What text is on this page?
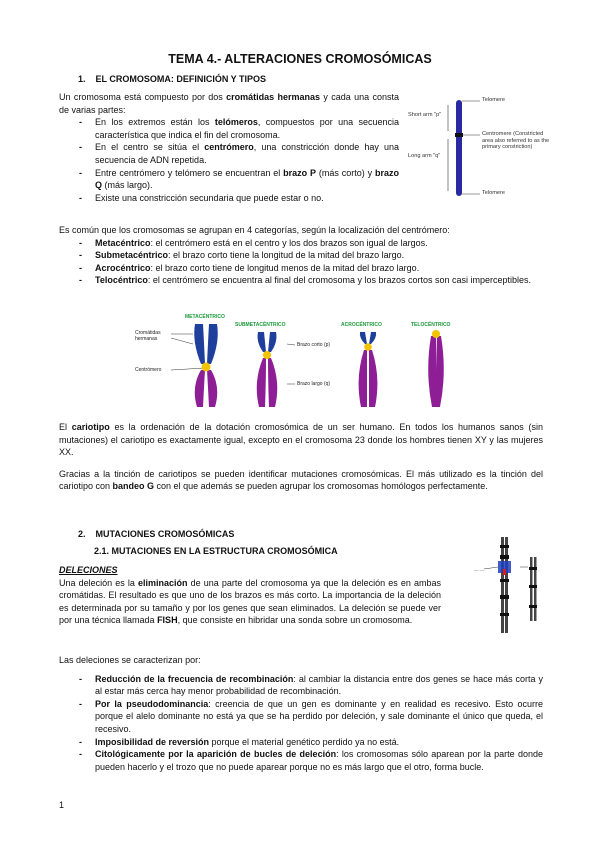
TEMA 4.- ALTERACIONES CROMOSÓMICAS
1. EL CROMOSOMA: DEFINICIÓN Y TIPOS
Un cromosoma está compuesto por dos cromátidas hermanas y cada una consta de varias partes:
- En los extremos están los telómeros, compuestos por una secuencia característica que indica el fin del cromosoma.
- En el centro se sitúa el centrómero, una constricción donde hay una secuencia de ADN repetida.
- Entre centrómero y telómero se encuentran el brazo P (más corto) y brazo Q (más largo).
- Existe una constricción secundaria que puede estar o no.
Telomere
Short arm "p"
Centromere (Constricted area also referred to as the primary constriction)
Long arm "q"
Telomere
Es común que los cromosomas se agrupan en 4 categorías, según la localización del centrómero:
- Metacéntrico: el centrómero está en el centro y los dos brazos son igual de largos.
- Submetacéntrico: el brazo corto tiene la longitud de la mitad del brazo largo.
- Acrocéntrico: el brazo corto tiene de longitud menos de la mitad del brazo largo.
- Telocéntrico: el centrómero se encuentra al final del cromosoma y los brazos cortos son casi imperceptibles.
METACÉNTRICO
SUBMETACÉNTRICO	ACROCÉNTRICO	TELOCÉNTRICO
Cromátidas hermanas
Centrómero
Brazo corto (p)
Brazo largo (q)
El cariotipo es la ordenación de la dotación cromosómica de un ser humano. En todos los humanos sanos (sin mutaciones) el cariotipo es exactamente igual, excepto en el cromosoma 23 donde los hombres tienen XY y las mujeres XX.
Gracias a la tinción de cariotipos se pueden identificar mutaciones cromosómicas. El más utilizado es la tinción del cariotipo con bandeo G con el que además se pueden agrupar los cromosomas homólogos perfectamente.
2. MUTACIONES CROMOSÓMICAS
2.1. MUTACIONES EN LA ESTRUCTURA CROMOSÓMICA
DELECIONES
Una deleción es la eliminación de una parte del cromosoma ya que la deleción es en ambas cromátidas. El resultado es que uno de los brazos es más corto. La importancia de la deleción es determinada por su tamaño y por los genes que sean eliminados. La deleción se puede ver por una técnica llamada FISH, que consiste en hibridar una sonda sobre un cromosoma.
–– ––
Las deleciones se caracterizan por:
- Reducción de la frecuencia de recombinación: al cambiar la distancia entre dos genes se hace más corta y al estar más cerca hay menor probabilidad de recombinación.
- Por la pseudodominancia: creencia de que un gen es dominante y en realidad es recesivo. Esto ocurre porque el alelo dominante no está ya que se ha perdido por deleción, y sale dominante el único que queda, el recesivo.
- Imposibilidad de reversión porque el material genético perdido ya no está.
- Citológicamente por la aparición de bucles de deleción: los cromosomas sólo aparean por la parte donde pueden hacerlo y el trozo que no puede aparear porque no es más largo que el otro, forma bucle.
1
